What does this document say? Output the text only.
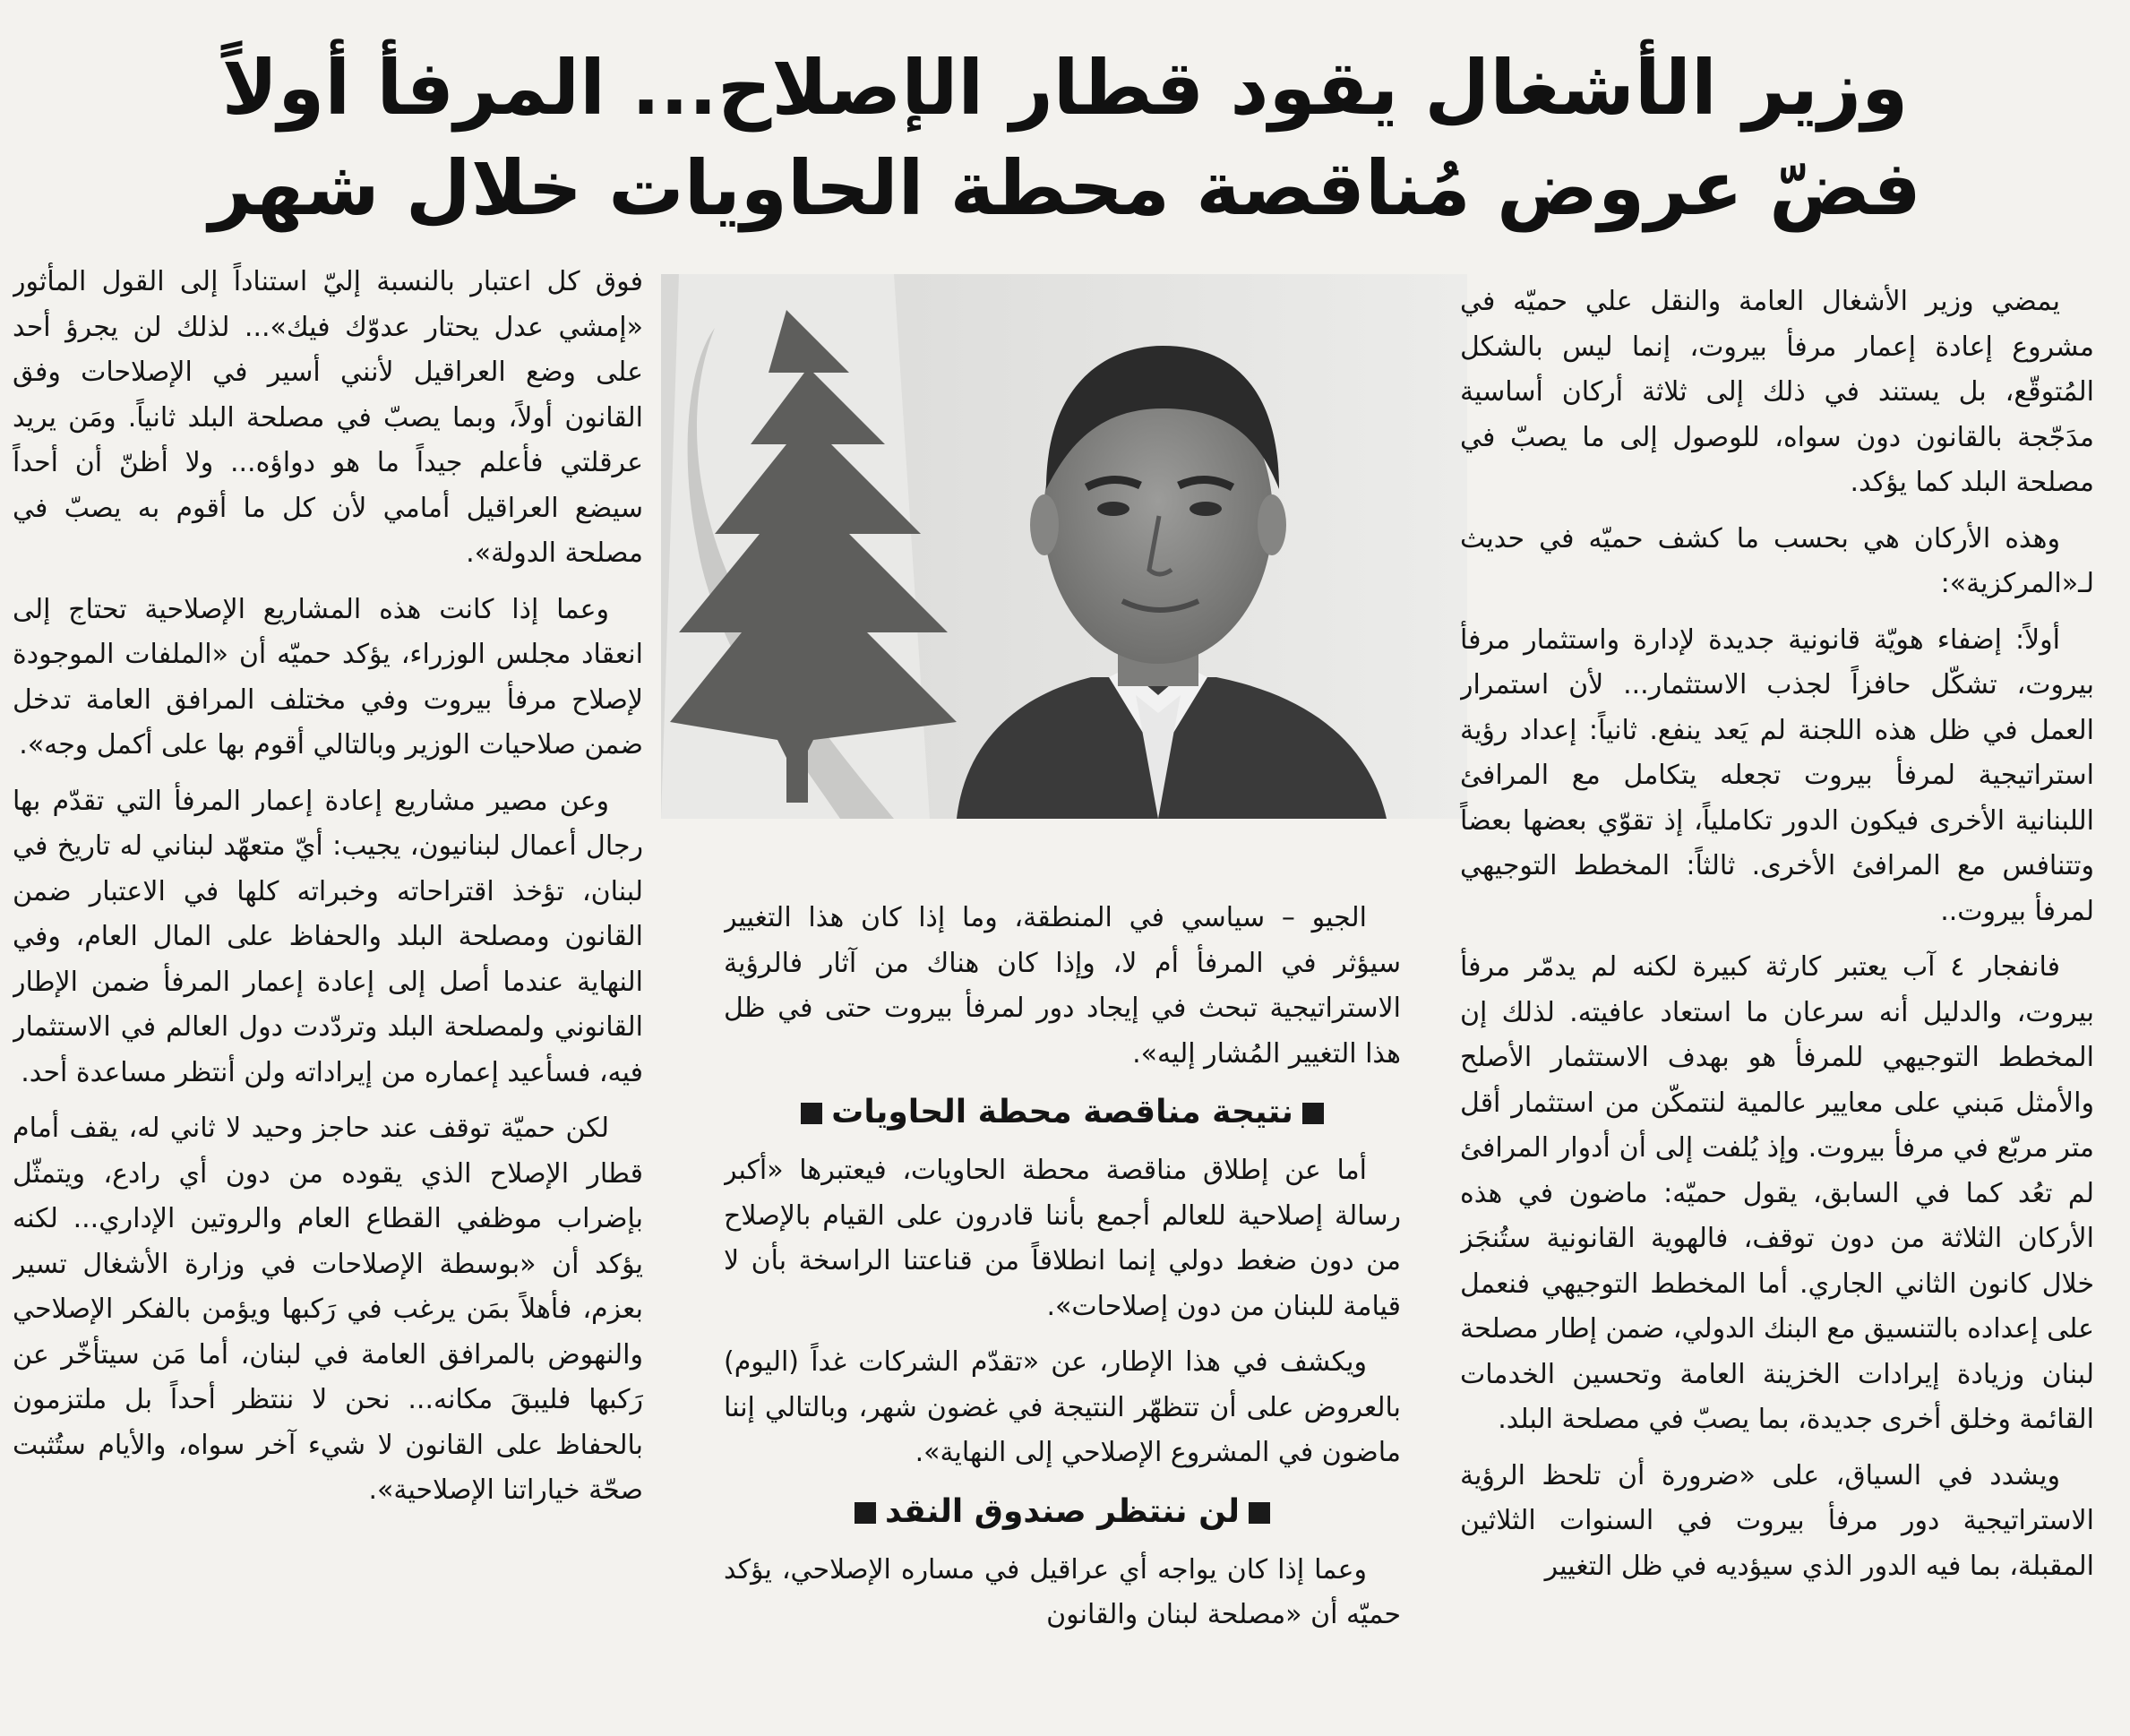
وزير الأشغال يقود قطار الإصلاح... المرفأ أولاً
فضّ عروض مُناقصة محطة الحاويات خلال شهر

يمضي وزير الأشغال العامة والنقل علي حميّه في مشروع إعادة إعمار مرفأ بيروت، إنما ليس بالشكل المُتوقّع، بل يستند في ذلك إلى ثلاثة أركان أساسية مدَجّجة بالقانون دون سواه، للوصول إلى ما يصبّ في مصلحة البلد كما يؤكد.

وهذه الأركان هي بحسب ما كشف حميّه في حديث لـ«المركزية»:

أولاً: إضفاء هويّة قانونية جديدة لإدارة واستثمار مرفأ بيروت، تشكّل حافزاً لجذب الاستثمار... لأن استمرار العمل في ظل هذه اللجنة لم يَعد ينفع. ثانياً: إعداد رؤية استراتيجية لمرفأ بيروت تجعله يتكامل مع المرافئ اللبنانية الأخرى فيكون الدور تكاملياً، إذ تقوّي بعضها بعضاً وتتنافس مع المرافئ الأخرى. ثالثاً: المخطط التوجيهي لمرفأ بيروت..

فانفجار ٤ آب يعتبر كارثة كبيرة لكنه لم يدمّر مرفأ بيروت، والدليل أنه سرعان ما استعاد عافيته. لذلك إن المخطط التوجيهي للمرفأ هو بهدف الاستثمار الأصلح والأمثل مَبني على معايير عالمية لنتمكّن من استثمار أقل متر مربّع في مرفأ بيروت. وإذ يُلفت إلى أن أدوار المرافئ لم تعُد كما في السابق، يقول حميّه: ماضون في هذه الأركان الثلاثة من دون توقف، فالهوية القانونية ستُنجَز خلال كانون الثاني الجاري. أما المخطط التوجيهي فنعمل على إعداده بالتنسيق مع البنك الدولي، ضمن إطار مصلحة لبنان وزيادة إيرادات الخزينة العامة وتحسين الخدمات القائمة وخلق أخرى جديدة، بما يصبّ في مصلحة البلد.

ويشدد في السياق، على «ضرورة أن تلحظ الرؤية الاستراتيجية دور مرفأ بيروت في السنوات الثلاثين المقبلة، بما فيه الدور الذي سيؤديه في ظل التغيير

الجيو – سياسي في المنطقة، وما إذا كان هذا التغيير سيؤثر في المرفأ أم لا، وإذا كان هناك من آثار فالرؤية الاستراتيجية تبحث في إيجاد دور لمرفأ بيروت حتى في ظل هذا التغيير المُشار إليه».

نتيجة مناقصة محطة الحاويات

أما عن إطلاق مناقصة محطة الحاويات، فيعتبرها «أكبر رسالة إصلاحية للعالم أجمع بأننا قادرون على القيام بالإصلاح من دون ضغط دولي إنما انطلاقاً من قناعتنا الراسخة بأن لا قيامة للبنان من دون إصلاحات».

ويكشف في هذا الإطار، عن «تقدّم الشركات غداً (اليوم) بالعروض على أن تتظهّر النتيجة في غضون شهر، وبالتالي إننا ماضون في المشروع الإصلاحي إلى النهاية».

لن ننتظر صندوق النقد

وعما إذا كان يواجه أي عراقيل في مساره الإصلاحي، يؤكد حميّه أن «مصلحة لبنان والقانون

فوق كل اعتبار بالنسبة إليّ استناداً إلى القول المأثور «إمشي عدل يحتار عدوّك فيك»... لذلك لن يجرؤ أحد على وضع العراقيل لأنني أسير في الإصلاحات وفق القانون أولاً، وبما يصبّ في مصلحة البلد ثانياً. ومَن يريد عرقلتي فأعلم جيداً ما هو دواؤه... ولا أظنّ أن أحداً سيضع العراقيل أمامي لأن كل ما أقوم به يصبّ في مصلحة الدولة».

وعما إذا كانت هذه المشاريع الإصلاحية تحتاج إلى انعقاد مجلس الوزراء، يؤكد حميّه أن «الملفات الموجودة لإصلاح مرفأ بيروت وفي مختلف المرافق العامة تدخل ضمن صلاحيات الوزير وبالتالي أقوم بها على أكمل وجه».

وعن مصير مشاريع إعادة إعمار المرفأ التي تقدّم بها رجال أعمال لبنانيون، يجيب: أيّ متعهّد لبناني له تاريخ في لبنان، تؤخذ اقتراحاته وخبراته كلها في الاعتبار ضمن القانون ومصلحة البلد والحفاظ على المال العام، وفي النهاية عندما أصل إلى إعادة إعمار المرفأ ضمن الإطار القانوني ولمصلحة البلد وتردّدت دول العالم في الاستثمار فيه، فسأعيد إعماره من إيراداته ولن أنتظر مساعدة أحد.

لكن حميّة توقف عند حاجز وحيد لا ثاني له، يقف أمام قطار الإصلاح الذي يقوده من دون أي رادع، ويتمثّل بإضراب موظفي القطاع العام والروتين الإداري... لكنه يؤكد أن «بوسطة الإصلاحات في وزارة الأشغال تسير بعزم، فأهلاً بمَن يرغب في رَكبها ويؤمن بالفكر الإصلاحي والنهوض بالمرافق العامة في لبنان، أما مَن سيتأخّر عن رَكبها فليبقَ مكانه... نحن لا ننتظر أحداً بل ملتزمون بالحفاظ على القانون لا شيء آخر سواه، والأيام ستُثبت صحّة خياراتنا الإصلاحية».
